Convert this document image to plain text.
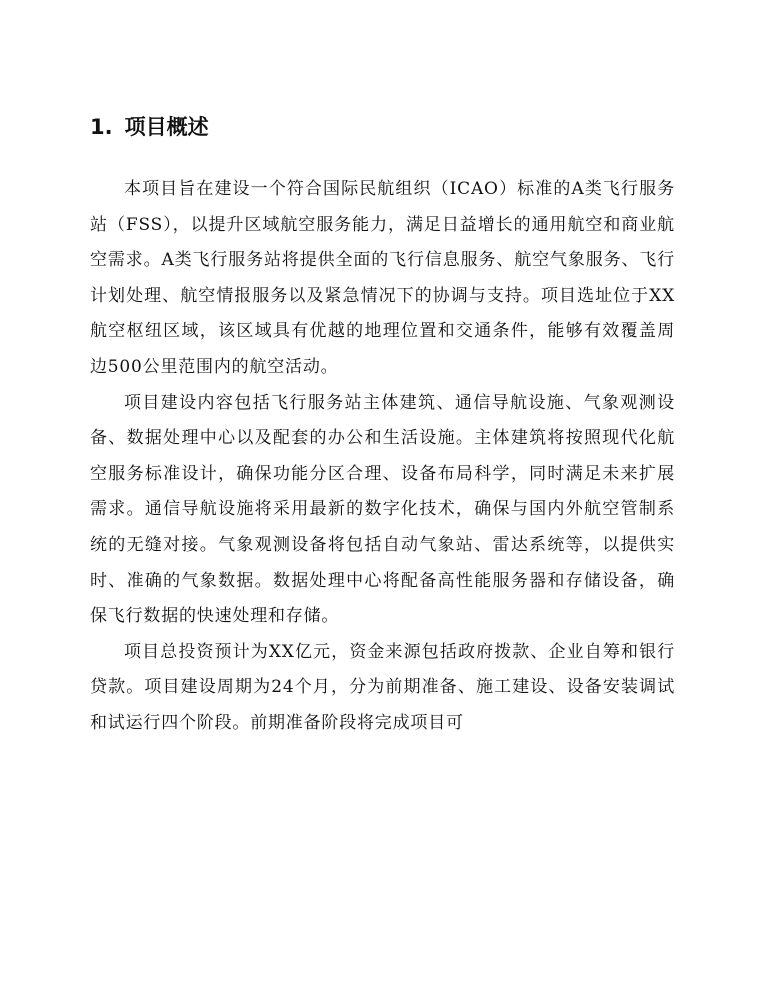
1. 项目概述

本项目旨在建设一个符合国际民航组织（ICAO）标准的A类飞行服务站（FSS），以提升区域航空服务能力，满足日益增长的通用航空和商业航空需求。A类飞行服务站将提供全面的飞行信息服务、航空气象服务、飞行计划处理、航空情报服务以及紧急情况下的协调与支持。项目选址位于XX航空枢纽区域，该区域具有优越的地理位置和交通条件，能够有效覆盖周边500公里范围内的航空活动。

项目建设内容包括飞行服务站主体建筑、通信导航设施、气象观测设备、数据处理中心以及配套的办公和生活设施。主体建筑将按照现代化航空服务标准设计，确保功能分区合理、设备布局科学，同时满足未来扩展需求。通信导航设施将采用最新的数字化技术，确保与国内外航空管制系统的无缝对接。气象观测设备将包括自动气象站、雷达系统等，以提供实时、准确的气象数据。数据处理中心将配备高性能服务器和存储设备，确保飞行数据的快速处理和存储。

项目总投资预计为XX亿元，资金来源包括政府拨款、企业自筹和银行贷款。项目建设周期为24个月，分为前期准备、施工建设、设备安装调试和试运行四个阶段。前期准备阶段将完成项目可
